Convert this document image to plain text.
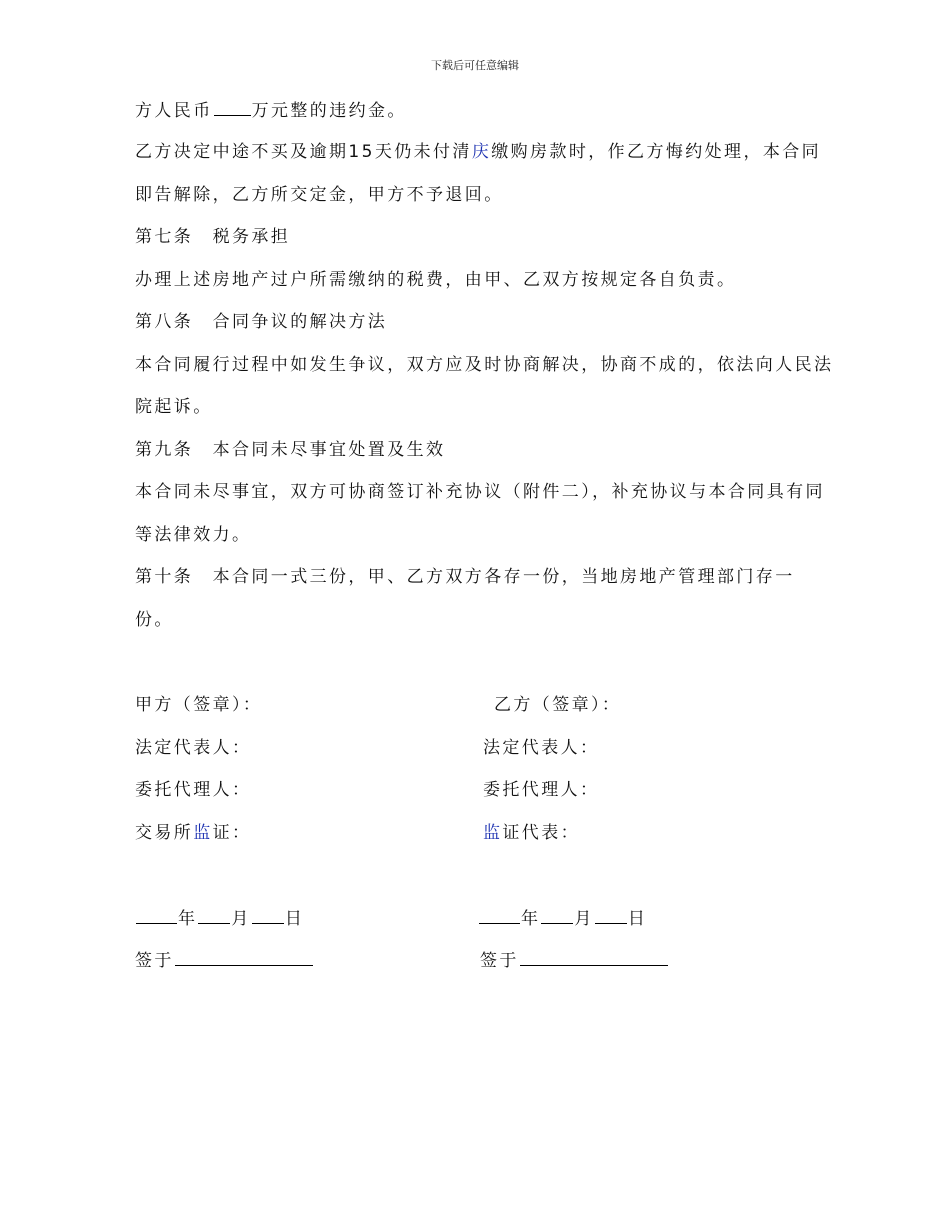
下载后可任意编辑
方人民币 万元整的违约金。
乙方决定中途不买及逾期15天仍未付清庆缴购房款时，作乙方悔约处理，本合同
即告解除，乙方所交定金，甲方不予退回。
第七条　税务承担
办理上述房地产过户所需缴纳的税费，由甲、乙双方按规定各自负责。
第八条　合同争议的解决方法
本合同履行过程中如发生争议，双方应及时协商解决，协商不成的，依法向人民法
院起诉。
第九条　本合同未尽事宜处置及生效
本合同未尽事宜，双方可协商签订补充协议（附件二），补充协议与本合同具有同
等法律效力。
第十条　本合同一式三份，甲、乙方双方各存一份，当地房地产管理部门存一
份。
甲方（签章）：
法定代表人：
委托代理人：
交易所监证：
年 月 日
签于
乙方（签章）：
法定代表人：
委托代理人：
监证代表：
年 月 日
签于
